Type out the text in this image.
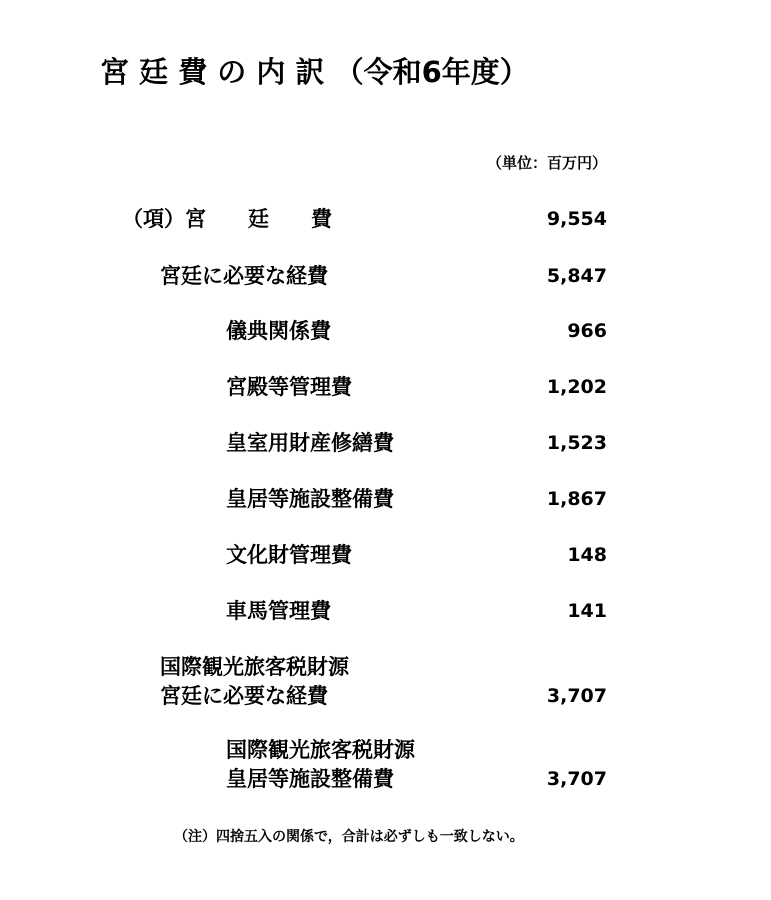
宮 廷 費 の 内 訳 （令和6年度）
（単位：百万円）
（項）宮　　廷　　費	9,554
宮廷に必要な経費	5,847
儀典関係費	966
宮殿等管理費	1,202
皇室用財産修繕費	1,523
皇居等施設整備費	1,867
文化財管理費	148
車馬管理費	141
国際観光旅客税財源
宮廷に必要な経費	3,707
国際観光旅客税財源
皇居等施設整備費	3,707
（注）四捨五入の関係で，合計は必ずしも一致しない。
